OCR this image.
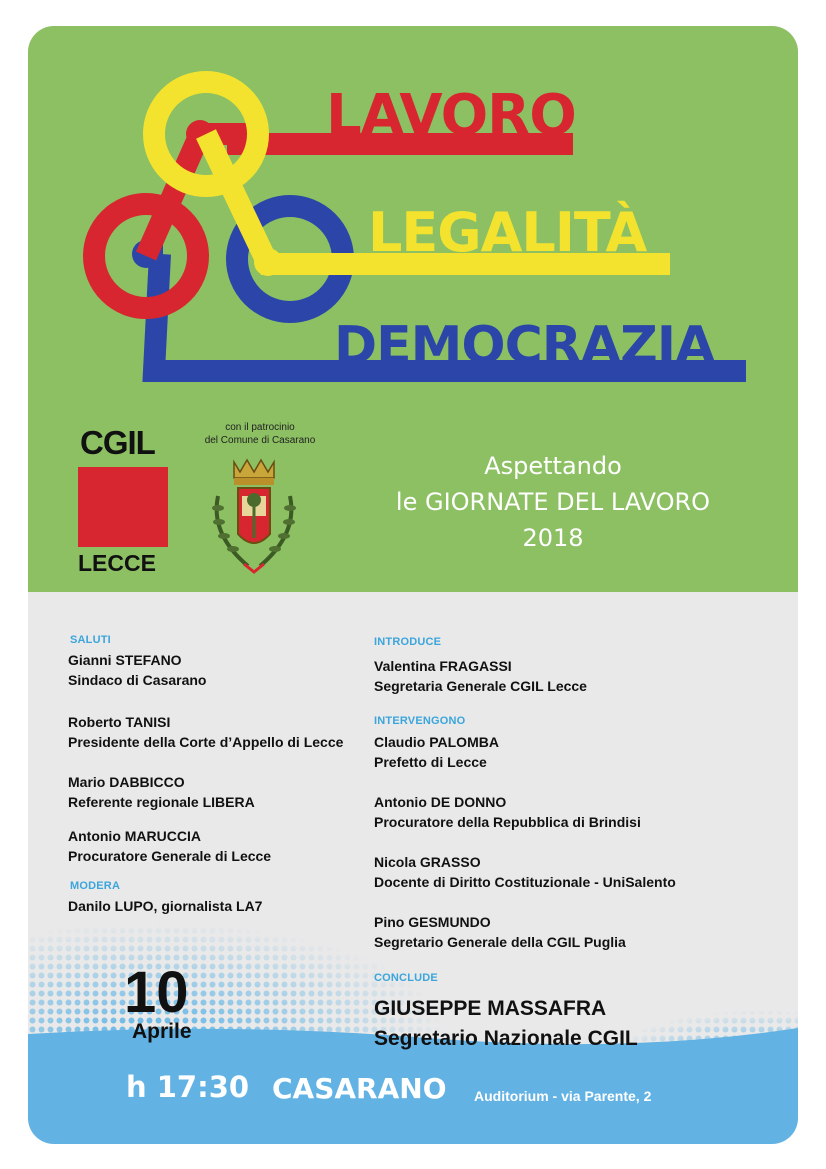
LAVORO

LEGALITÀ

DEMOCRAZIA

CGIL
LECCE
con il patrocinio
del Comune di Casarano
Aspettando
le GIORNATE DEL LAVORO
2018
SALUTI
Gianni STEFANO
Sindaco di Casarano
Roberto TANISI
Presidente della Corte d’Appello di Lecce
Mario DABBICCO
Referente regionale LIBERA
Antonio MARUCCIA
Procuratore Generale di Lecce
MODERA
Danilo LUPO, giornalista LA7
INTRODUCE
Valentina FRAGASSI
Segretaria Generale CGIL Lecce
INTERVENGONO
Claudio PALOMBA
Prefetto di Lecce
Antonio DE DONNO
Procuratore della Repubblica di Brindisi
Nicola GRASSO
Docente di Diritto Costituzionale - UniSalento
Pino GESMUNDO
Segretario Generale della CGIL Puglia
CONCLUDE
GIUSEPPE MASSAFRA
Segretario Nazionale CGIL
10
Aprile
h 17:30 CASARANO Auditorium - via Parente, 2
